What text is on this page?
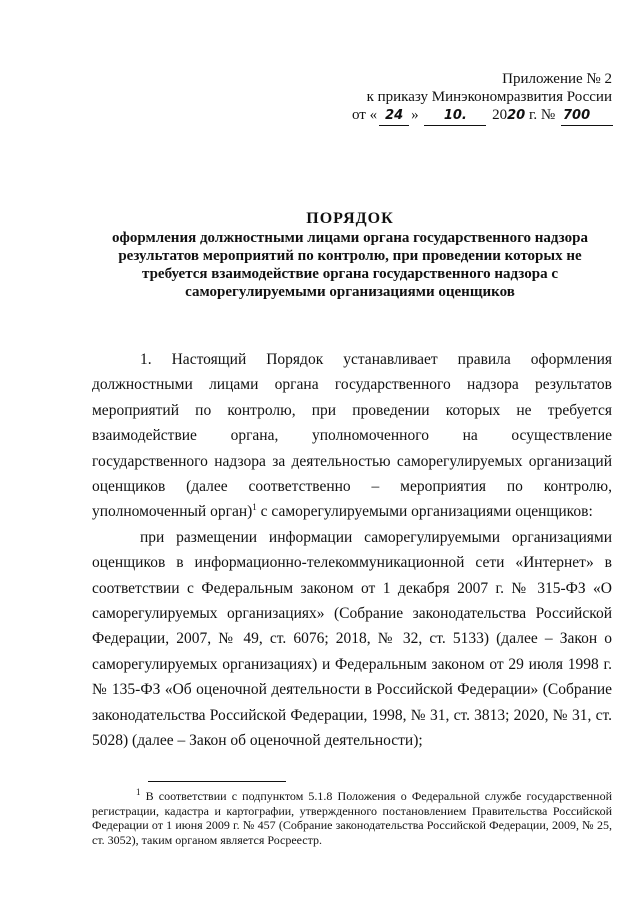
Приложение № 2
к приказу Минэкономразвития России
от « 24 » 10. 2020 г. № 700
ПОРЯДОК
оформления должностными лицами органа государственного надзора результатов мероприятий по контролю, при проведении которых не требуется взаимодействие органа государственного надзора с саморегулируемыми организациями оценщиков

1. Настоящий Порядок устанавливает правила оформления должностными лицами органа государственного надзора результатов мероприятий по контролю, при проведении которых не требуется взаимодействие органа, уполномоченного на осуществление государственного надзора за деятельностью саморегулируемых организаций оценщиков (далее соответственно – мероприятия по контролю, уполномоченный орган)$^1$ с саморегулируемыми организациями оценщиков:

при размещении информации саморегулируемыми организациями оценщиков в информационно-телекоммуникационной сети «Интернет» в соответствии с Федеральным законом от 1 декабря 2007 г. № 315-ФЗ «О саморегулируемых организациях» (Собрание законодательства Российской Федерации, 2007, № 49, ст. 6076; 2018, № 32, ст. 5133) (далее – Закон о саморегулируемых организациях) и Федеральным законом от 29 июля 1998 г. № 135-ФЗ «Об оценочной деятельности в Российской Федерации» (Собрание законодательства Российской Федерации, 1998, № 31, ст. 3813; 2020, № 31, ст. 5028) (далее – Закон об оценочной деятельности);

$^1$ В соответствии с подпунктом 5.1.8 Положения о Федеральной службе государственной регистрации, кадастра и картографии, утвержденного постановлением Правительства Российской Федерации от 1 июня 2009 г. № 457 (Собрание законодательства Российской Федерации, 2009, № 25, ст. 3052), таким органом является Росреестр.
